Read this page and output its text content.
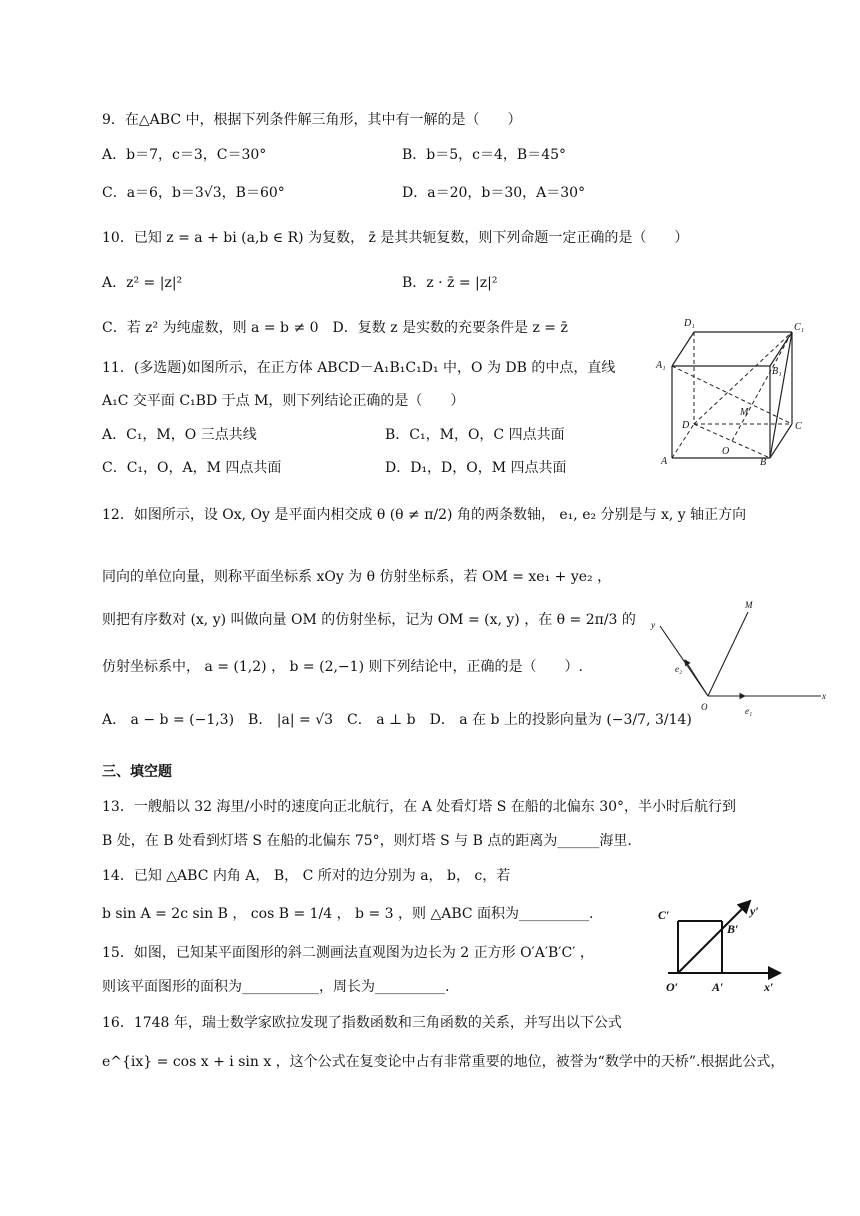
9．在△ABC 中，根据下列条件解三角形，其中有一解的是（　　）
A．b＝7，c＝3，C＝30°	B．b＝5，c＝4，B＝45°
C．a＝6，b＝3√3，B＝60°	D．a＝20，b＝30，A＝30°
10．已知 z = a + bi (a,b ∈ R) 为复数， z̄ 是其共轭复数，则下列命题一定正确的是（　　）
A．z² = |z|²	B．z · z̄ = |z|²
C．若 z² 为纯虚数，则 a = b ≠ 0　D．复数 z 是实数的充要条件是 z = z̄
11．(多选题)如图所示，在正方体 ABCD－A₁B₁C₁D₁ 中，O 为 DB 的中点，直线
A₁C 交平面 C₁BD 于点 M，则下列结论正确的是（　　）
A．C₁，M，O 三点共线	B．C₁，M，O，C 四点共面
C．C₁，O，A，M 四点共面	D．D₁，D，O，M 四点共面
D₁	C₁
A₁
B₁
M
D	C
O
A	B
12．如图所示，设 Ox, Oy 是平面内相交成 θ (θ ≠ π/2) 角的两条数轴， e₁, e₂ 分别是与 x, y 轴正方向
同向的单位向量，则称平面坐标系 xOy 为 θ 仿射坐标系，若 OM = xe₁ + ye₂ ，
则把有序数对 (x, y) 叫做向量 OM 的仿射坐标，记为 OM = (x, y) ，在 θ = 2π/3 的
仿射坐标系中， a = (1,2) ， b = (2,−1) 则下列结论中，正确的是（　　）.
A． a − b = (−1,3)　B． |a| = √3　C． a ⊥ b　D． a 在 b 上的投影向量为 (−3/7, 3/14)
y
M
e₂
O	e₁
x
三、填空题
13．一艘船以 32 海里/小时的速度向正北航行，在 A 处看灯塔 S 在船的北偏东 30°，半小时后航行到
B 处，在 B 处看到灯塔 S 在船的北偏东 75°，则灯塔 S 与 B 点的距离为______海里.
14．已知 △ABC 内角 A， B， C 所对的边分别为 a， b， c，若
b sin A = 2c sin B ， cos B = 1/4 ， b = 3 ，则 △ABC 面积为__________.
15．如图，已知某平面图形的斜二测画法直观图为边长为 2 正方形 O′A′B′C′ ，
则该平面图形的面积为___________，周长为__________.
C′
B′
y′
O′	A′	x′
16．1748 年，瑞士数学家欧拉发现了指数函数和三角函数的关系，并写出以下公式
e^{ix} = cos x + i sin x ，这个公式在复变论中占有非常重要的地位，被誉为“数学中的天桥”.根据此公式，
